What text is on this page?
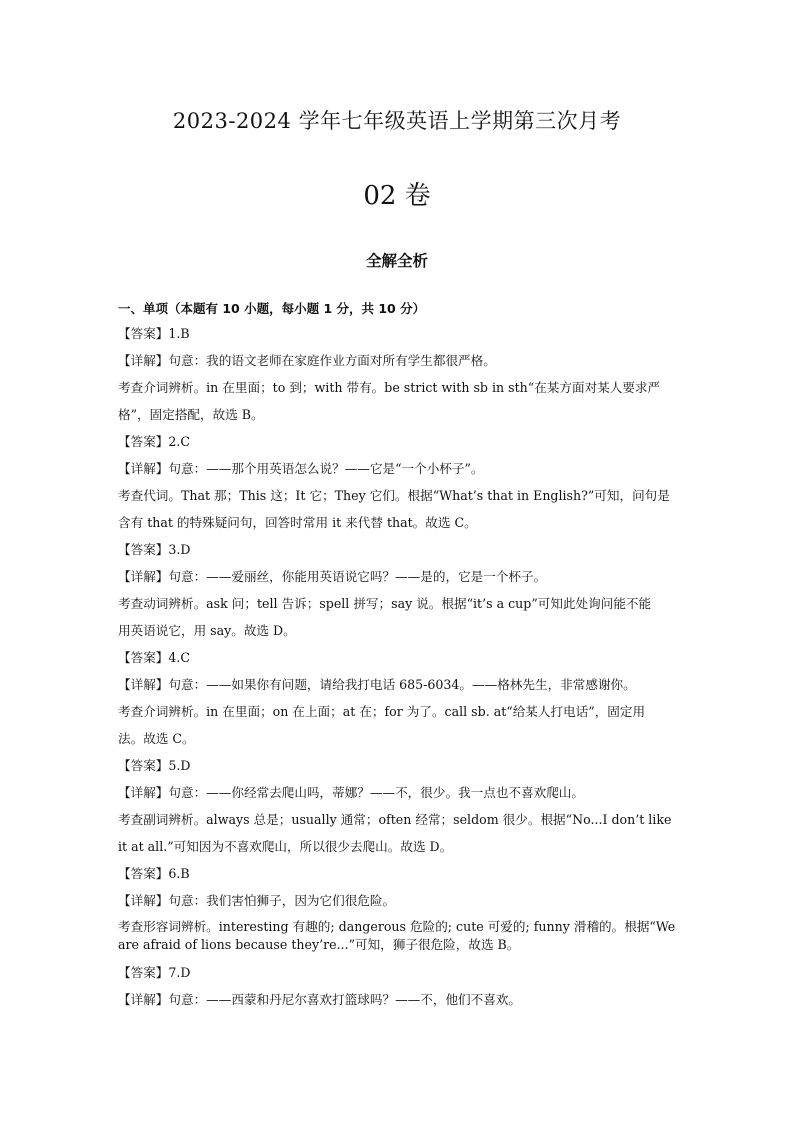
2023-2024 学年七年级英语上学期第三次月考
02 卷
全解全析
一、单项（本题有 10 小题，每小题 1 分，共 10 分）
【答案】1.B
【详解】句意：我的语文老师在家庭作业方面对所有学生都很严格。
考查介词辨析。in 在里面；to 到；with 带有。be strict with sb in sth“在某方面对某人要求严
格”，固定搭配，故选 B。
【答案】2.C
【详解】句意：——那个用英语怎么说？——它是“一个小杯子”。
考查代词。That 那；This 这；It 它；They 它们。根据“What’s that in English?”可知，问句是
含有 that 的特殊疑问句，回答时常用 it 来代替 that。故选 C。
【答案】3.D
【详解】句意：——爱丽丝，你能用英语说它吗？——是的，它是一个杯子。
考查动词辨析。ask 问；tell 告诉；spell 拼写；say 说。根据“it’s a cup”可知此处询问能不能
用英语说它，用 say。故选 D。
【答案】4.C
【详解】句意：——如果你有问题，请给我打电话 685-6034。——格林先生，非常感谢你。
考查介词辨析。in 在里面；on 在上面；at 在；for 为了。call sb. at“给某人打电话”，固定用
法。故选 C。
【答案】5.D
【详解】句意：——你经常去爬山吗，蒂娜？——不，很少。我一点也不喜欢爬山。
考查副词辨析。always 总是；usually 通常；often 经常；seldom 很少。根据“No...I don’t like
it at all.”可知因为不喜欢爬山，所以很少去爬山。故选 D。
【答案】6.B
【详解】句意：我们害怕狮子，因为它们很危险。
考查形容词辨析。interesting 有趣的; dangerous 危险的; cute 可爱的; funny 滑稽的。根据“We
are afraid of lions because they’re...”可知，狮子很危险，故选 B。
【答案】7.D
【详解】句意：——西蒙和丹尼尔喜欢打篮球吗？——不，他们不喜欢。
